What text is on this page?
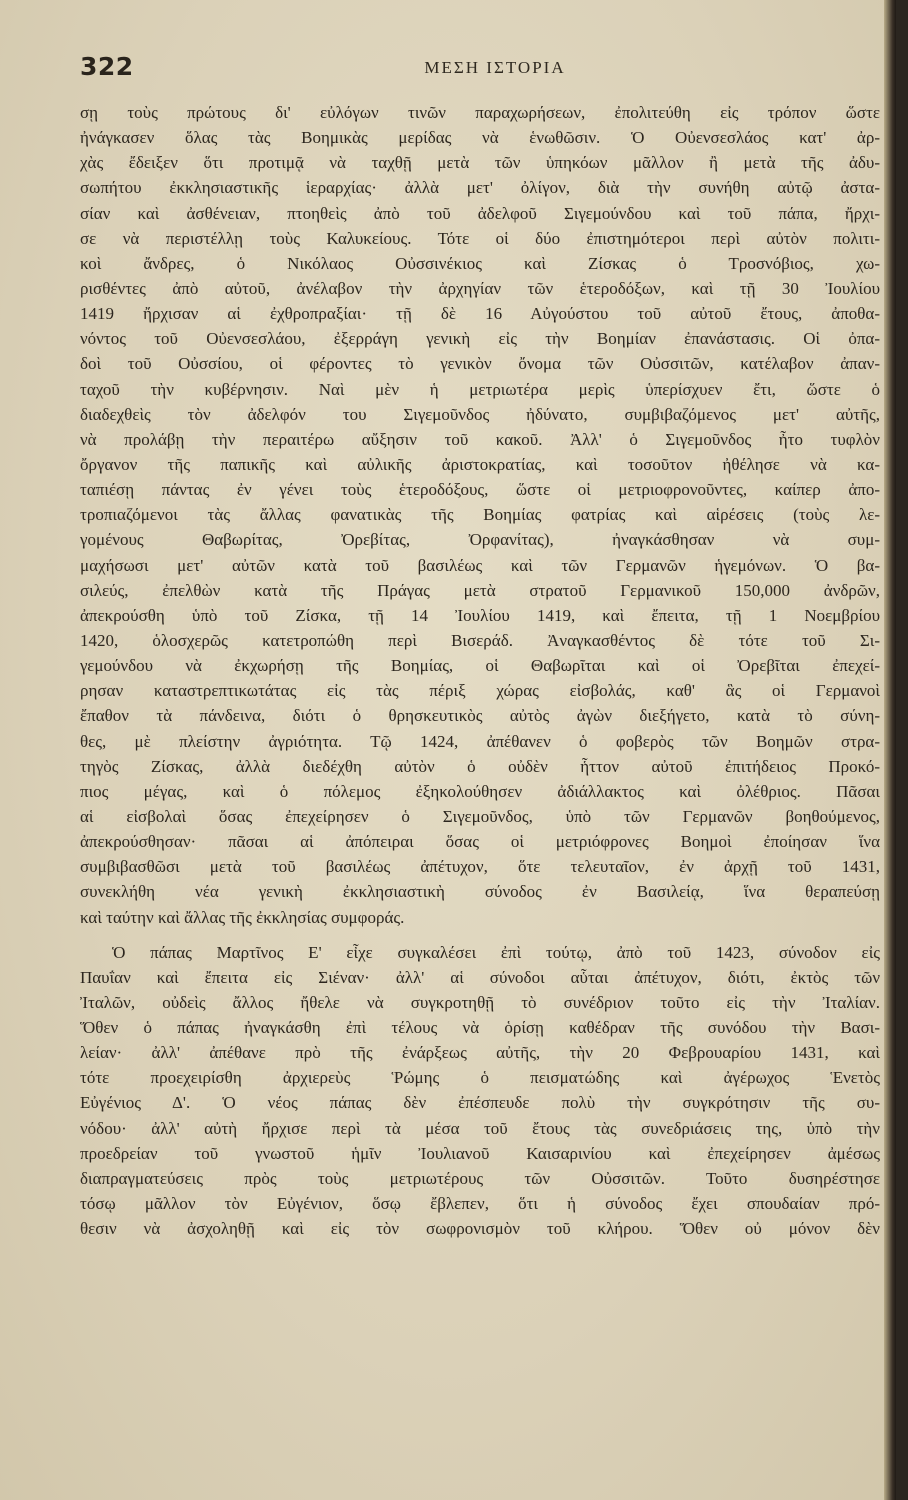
322	ΜΕΣΗ ΙΣΤΟΡΙΑ
σῃ τοὺς πρώτους δι' εὐλόγων τινῶν παραχωρήσεων, ἐπολιτεύθη εἰς τρόπον ὥστε
ἠνάγκασεν ὅλας τὰς Βοημικὰς μερίδας νὰ ἑνωθῶσιν. Ὁ Οὐενσεσλάος κατ' ἀρ-
χὰς ἔδειξεν ὅτι προτιμᾷ νὰ ταχθῇ μετὰ τῶν ὑπηκόων μᾶλλον ἢ μετὰ τῆς ἀδυ-
σωπήτου ἐκκλησιαστικῆς ἱεραρχίας· ἀλλὰ μετ' ὀλίγον, διὰ τὴν συνήθη αὐτῷ ἀστα-
σίαν καὶ ἀσθένειαν, πτοηθεὶς ἀπὸ τοῦ ἀδελφοῦ Σιγεμούνδου καὶ τοῦ πάπα, ἤρχι-
σε νὰ περιστέλλῃ τοὺς Καλυκείους. Τότε οἱ δύο ἐπιστημότεροι περὶ αὐτὸν πολιτι-
κοὶ ἄνδρες, ὁ Νικόλαος Οὐσσινέκιος καὶ Ζίσκας ὁ Τροσνόβιος, χω-
ρισθέντες ἀπὸ αὐτοῦ, ἀνέλαβον τὴν ἀρχηγίαν τῶν ἑτεροδόξων, καὶ τῇ 30 Ἰουλίου
1419 ἤρχισαν αἱ ἐχθροπραξίαι· τῇ δὲ 16 Αὐγούστου τοῦ αὐτοῦ ἔτους, ἀποθα-
νόντος τοῦ Οὐενσεσλάου, ἐξερράγη γενικὴ εἰς τὴν Βοημίαν ἐπανάστασις. Οἱ ὀπα-
δοὶ τοῦ Οὐσσίου, οἱ φέροντες τὸ γενικὸν ὄνομα τῶν Οὐσσιτῶν, κατέλαβον ἀπαν-
ταχοῦ τὴν κυβέρνησιν. Ναὶ μὲν ἡ μετριωτέρα μερὶς ὑπερίσχυεν ἔτι, ὥστε ὁ
διαδεχθεὶς τὸν ἀδελφόν του Σιγεμοῦνδος ἠδύνατο, συμβιβαζόμενος μετ' αὐτῆς,
νὰ προλάβῃ τὴν περαιτέρω αὔξησιν τοῦ κακοῦ. Ἀλλ' ὁ Σιγεμοῦνδος ἦτο τυφλὸν
ὄργανον τῆς παπικῆς καὶ αὐλικῆς ἀριστοκρατίας, καὶ τοσοῦτον ἠθέλησε νὰ κα-
ταπιέσῃ πάντας ἐν γένει τοὺς ἑτεροδόξους, ὥστε οἱ μετριοφρονοῦντες, καίπερ ἀπο-
τροπιαζόμενοι τὰς ἄλλας φανατικὰς τῆς Βοημίας φατρίας καὶ αἱρέσεις (τοὺς λε-
γομένους Θαβωρίτας, Ὀρεβίτας, Ὀρφανίτας), ἠναγκάσθησαν νὰ συμ-
μαχήσωσι μετ' αὐτῶν κατὰ τοῦ βασιλέως καὶ τῶν Γερμανῶν ἡγεμόνων. Ὁ βα-
σιλεύς, ἐπελθὼν κατὰ τῆς Πράγας μετὰ στρατοῦ Γερμανικοῦ 150,000 ἀνδρῶν,
ἀπεκρούσθη ὑπὸ τοῦ Ζίσκα, τῇ 14 Ἰουλίου 1419, καὶ ἔπειτα, τῇ 1 Νοεμβρίου
1420, ὁλοσχερῶς κατετροπώθη περὶ Βισεράδ. Ἀναγκασθέντος δὲ τότε τοῦ Σι-
γεμούνδου νὰ ἐκχωρήσῃ τῆς Βοημίας, οἱ Θαβωρῖται καὶ οἱ Ὀρεβῖται ἐπεχεί-
ρησαν καταστρεπτικωτάτας εἰς τὰς πέριξ χώρας εἰσβολάς, καθ' ἃς οἱ Γερμανοὶ
ἔπαθον τὰ πάνδεινα, διότι ὁ θρησκευτικὸς αὐτὸς ἀγὼν διεξήγετο, κατὰ τὸ σύνη-
θες, μὲ πλείστην ἀγριότητα. Τῷ 1424, ἀπέθανεν ὁ φοβερὸς τῶν Βοημῶν στρα-
τηγὸς Ζίσκας, ἀλλὰ διεδέχθη αὐτὸν ὁ οὐδὲν ἧττον αὐτοῦ ἐπιτήδειος Προκό-
πιος μέγας, καὶ ὁ πόλεμος ἐξηκολούθησεν ἀδιάλλακτος καὶ ὀλέθριος. Πᾶσαι
αἱ εἰσβολαὶ ὅσας ἐπεχείρησεν ὁ Σιγεμοῦνδος, ὑπὸ τῶν Γερμανῶν βοηθούμενος,
ἀπεκρούσθησαν· πᾶσαι αἱ ἀπόπειραι ὅσας οἱ μετριόφρονες Βοημοὶ ἐποίησαν ἵνα
συμβιβασθῶσι μετὰ τοῦ βασιλέως ἀπέτυχον, ὅτε τελευταῖον, ἐν ἀρχῇ τοῦ 1431,
συνεκλήθη νέα γενικὴ ἐκκλησιαστικὴ σύνοδος ἐν Βασιλείᾳ, ἵνα θεραπεύσῃ
καὶ ταύτην καὶ ἄλλας τῆς ἐκκλησίας συμφοράς.
Ὁ πάπας Μαρτῖνος Ε' εἶχε συγκαλέσει ἐπὶ τούτῳ, ἀπὸ τοῦ 1423, σύνοδον εἰς
Παυΐαν καὶ ἔπειτα εἰς Σιέναν· ἀλλ' αἱ σύνοδοι αὗται ἀπέτυχον, διότι, ἐκτὸς τῶν
Ἰταλῶν, οὐδεὶς ἄλλος ἤθελε νὰ συγκροτηθῇ τὸ συνέδριον τοῦτο εἰς τὴν Ἰταλίαν.
Ὅθεν ὁ πάπας ἠναγκάσθη ἐπὶ τέλους νὰ ὁρίσῃ καθέδραν τῆς συνόδου τὴν Βασι-
λείαν· ἀλλ' ἀπέθανε πρὸ τῆς ἐνάρξεως αὐτῆς, τὴν 20 Φεβρουαρίου 1431, καὶ
τότε προεχειρίσθη ἀρχιερεὺς Ῥώμης ὁ πεισματώδης καὶ ἀγέρωχος Ἑνετὸς
Εὐγένιος Δ'. Ὁ νέος πάπας δὲν ἐπέσπευδε πολὺ τὴν συγκρότησιν τῆς συ-
νόδου· ἀλλ' αὐτὴ ἤρχισε περὶ τὰ μέσα τοῦ ἔτους τὰς συνεδριάσεις της, ὑπὸ τὴν
προεδρείαν τοῦ γνωστοῦ ἡμῖν Ἰουλιανοῦ Καισαρινίου καὶ ἐπεχείρησεν ἀμέσως
διαπραγματεύσεις πρὸς τοὺς μετριωτέρους τῶν Οὐσσιτῶν. Τοῦτο δυσηρέστησε
τόσῳ μᾶλλον τὸν Εὐγένιον, ὅσῳ ἔβλεπεν, ὅτι ἡ σύνοδος ἔχει σπουδαίαν πρό-
θεσιν νὰ ἀσχοληθῇ καὶ εἰς τὸν σωφρονισμὸν τοῦ κλήρου. Ὅθεν οὐ μόνον δὲν
